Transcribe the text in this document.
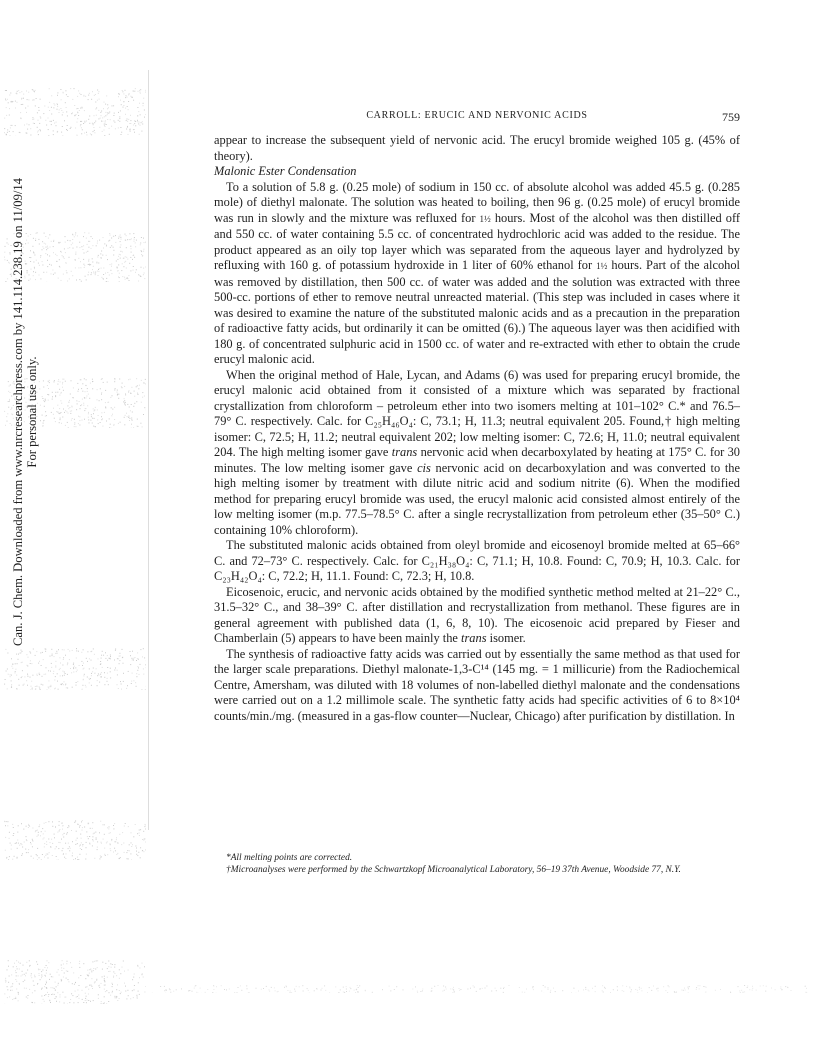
Can. J. Chem. Downloaded from www.nrcresearchpress.com by 141.114.238.19 on 11/09/14 For personal use only.
CARROLL: ERUCIC AND NERVONIC ACIDS	759

appear to increase the subsequent yield of nervonic acid. The erucyl bromide weighed 105 g. (45% of theory).

Malonic Ester Condensation

To a solution of 5.8 g. (0.25 mole) of sodium in 150 cc. of absolute alcohol was added 45.5 g. (0.285 mole) of diethyl malonate. The solution was heated to boiling, then 96 g. (0.25 mole) of erucyl bromide was run in slowly and the mixture was refluxed for 1½ hours. Most of the alcohol was then distilled off and 550 cc. of water containing 5.5 cc. of concentrated hydrochloric acid was added to the residue. The product appeared as an oily top layer which was separated from the aqueous layer and hydrolyzed by refluxing with 160 g. of potassium hydroxide in 1 liter of 60% ethanol for 1½ hours. Part of the alcohol was removed by distillation, then 500 cc. of water was added and the solution was extracted with three 500-cc. portions of ether to remove neutral unreacted material. (This step was included in cases where it was desired to examine the nature of the substituted malonic acids and as a precaution in the preparation of radioactive fatty acids, but ordinarily it can be omitted (6).) The aqueous layer was then acidified with 180 g. of concentrated sulphuric acid in 1500 cc. of water and re-extracted with ether to obtain the crude erucyl malonic acid.

When the original method of Hale, Lycan, and Adams (6) was used for preparing erucyl bromide, the erucyl malonic acid obtained from it consisted of a mixture which was separated by fractional crystallization from chloroform – petroleum ether into two isomers melting at 101–102° C.* and 76.5–79° C. respectively. Calc. for C₂₅H₄₆O₄: C, 73.1; H, 11.3; neutral equivalent 205. Found,† high melting isomer: C, 72.5; H, 11.2; neutral equivalent 202; low melting isomer: C, 72.6; H, 11.0; neutral equivalent 204. The high melting isomer gave trans nervonic acid when decarboxylated by heating at 175° C. for 30 minutes. The low melting isomer gave cis nervonic acid on decarboxylation and was converted to the high melting isomer by treatment with dilute nitric acid and sodium nitrite (6). When the modified method for preparing erucyl bromide was used, the erucyl malonic acid consisted almost entirely of the low melting isomer (m.p. 77.5–78.5° C. after a single recrystallization from petroleum ether (35–50° C.) containing 10% chloroform).

The substituted malonic acids obtained from oleyl bromide and eicosenoyl bromide melted at 65–66° C. and 72–73° C. respectively. Calc. for C₂₁H₃₈O₄: C, 71.1; H, 10.8. Found: C, 70.9; H, 10.3. Calc. for C₂₃H₄₂O₄: C, 72.2; H, 11.1. Found: C, 72.3; H, 10.8.

Eicosenoic, erucic, and nervonic acids obtained by the modified synthetic method melted at 21–22° C., 31.5–32° C., and 38–39° C. after distillation and recrystallization from methanol. These figures are in general agreement with published data (1, 6, 8, 10). The eicosenoic acid prepared by Fieser and Chamberlain (5) appears to have been mainly the trans isomer.

The synthesis of radioactive fatty acids was carried out by essentially the same method as that used for the larger scale preparations. Diethyl malonate-1,3-C¹⁴ (145 mg. = 1 millicurie) from the Radiochemical Centre, Amersham, was diluted with 18 volumes of non-labelled diethyl malonate and the condensations were carried out on a 1.2 millimole scale. The synthetic fatty acids had specific activities of 6 to 8×10⁴ counts/min./mg. (measured in a gas-flow counter—Nuclear, Chicago) after purification by distillation. In

*All melting points are corrected.

†Microanalyses were performed by the Schwartzkopf Microanalytical Laboratory, 56–19 37th Avenue, Woodside 77, N.Y.
